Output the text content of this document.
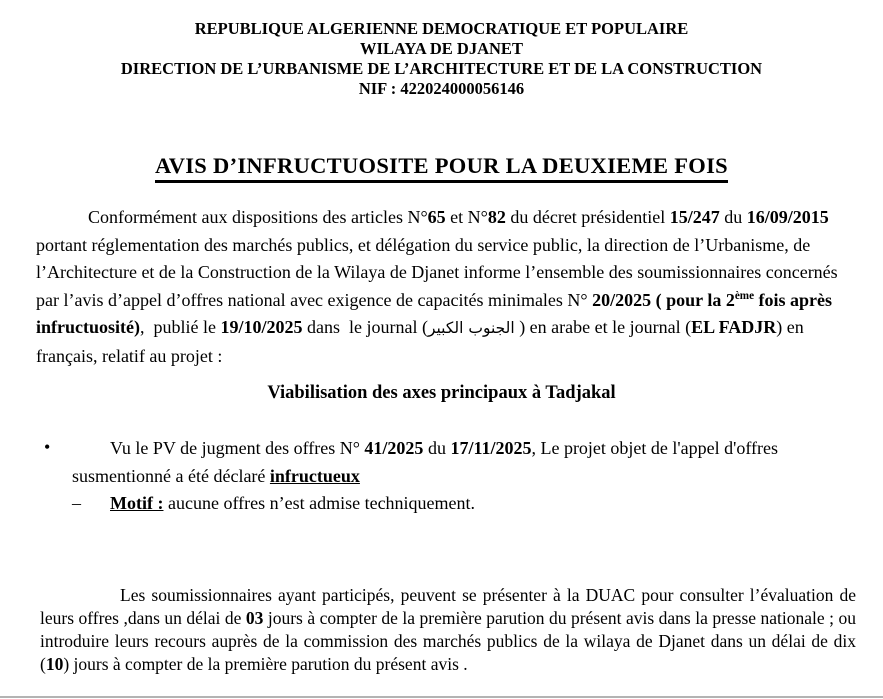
REPUBLIQUE ALGERIENNE DEMOCRATIQUE ET POPULAIRE
WILAYA DE DJANET
DIRECTION DE L’URBANISME DE L’ARCHITECTURE ET DE LA CONSTRUCTION
NIF : 422024000056146
AVIS D’INFRUCTUOSITE POUR LA DEUXIEME FOIS

Conformément aux dispositions des articles N°65 et N°82 du décret présidentiel 15/247 du 16/09/2015 portant réglementation des marchés publics, et délégation du service public, la direction de l’Urbanisme, de l’Architecture et de la Construction de la Wilaya de Djanet informe l’ensemble des soumissionnaires concernés par l’avis d’appel d’offres national avec exigence de capacités minimales N° 20/2025 ( pour la 2ème fois après infructuosité),  publié le 19/10/2025 dans  le journal (الجنوب الكبير ) en arabe et le journal (EL FADJR) en français, relatif au projet :

Viabilisation des axes principaux à Tadjakal

•	Vu le PV de jugment des offres N° 41/2025 du 17/11/2025, Le projet objet de l'appel d'offres susmentionné a été déclaré infructueux
– Motif : aucune offres n’est admise techniquement.

Les soumissionnaires ayant participés, peuvent se présenter à la DUAC pour consulter l’évaluation de leurs offres ,dans un délai de 03 jours à compter de la première parution du présent avis dans la presse nationale ; ou introduire leurs recours auprès de la commission des marchés publics de la wilaya de Djanet dans un délai de dix (10) jours à compter de la première parution du présent avis .
